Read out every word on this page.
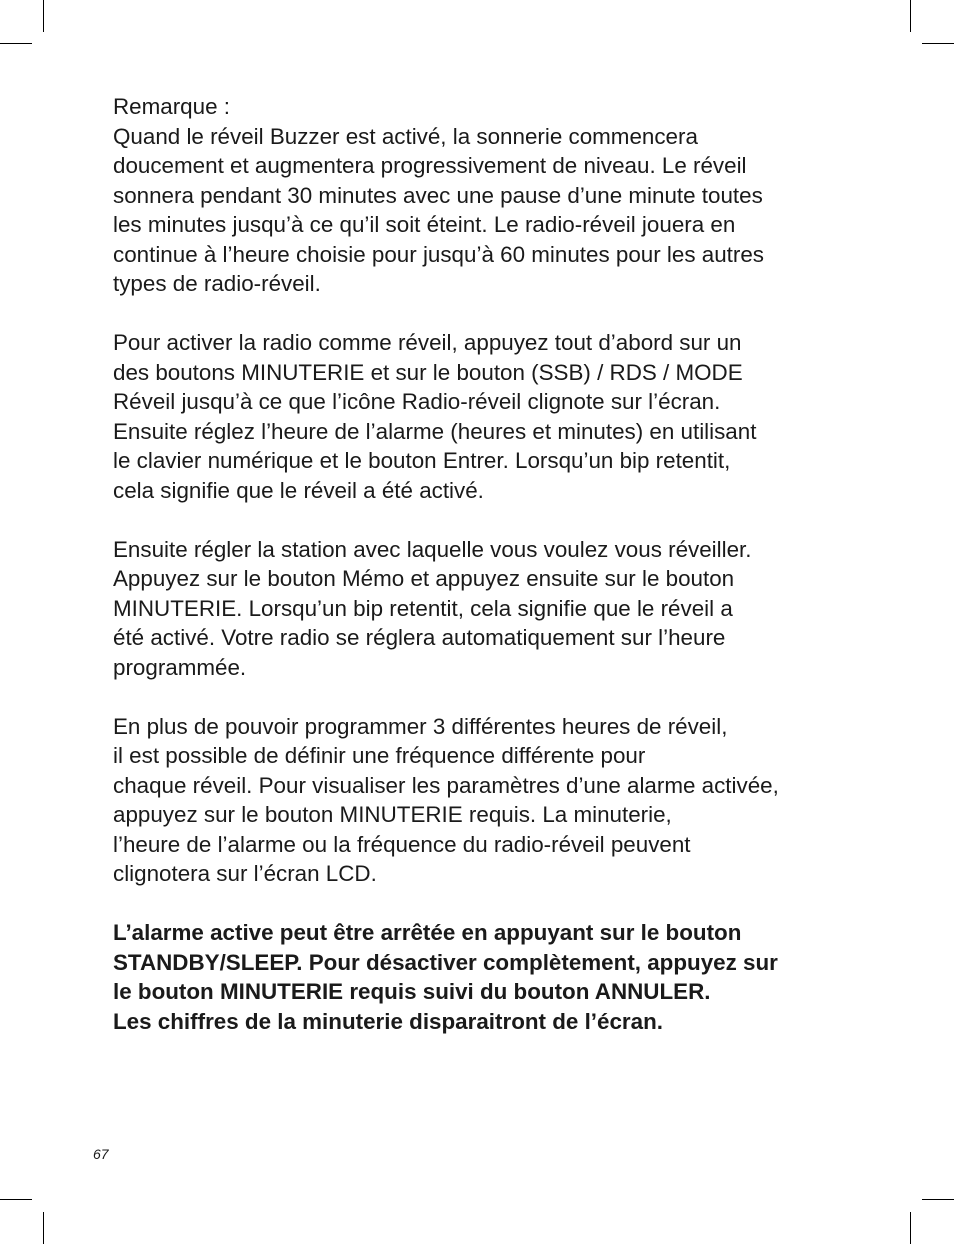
Remarque :
Quand le réveil Buzzer est activé, la sonnerie commencera
doucement et augmentera progressivement de niveau. Le réveil
sonnera pendant 30 minutes avec une pause d’une minute toutes
les minutes jusqu’à ce qu’il soit éteint. Le radio-réveil jouera en
continue à l’heure choisie pour jusqu’à 60 minutes pour les autres
types de radio-réveil.

Pour activer la radio comme réveil, appuyez tout d’abord sur un
des boutons MINUTERIE et sur le bouton (SSB) / RDS / MODE
Réveil jusqu’à ce que l’icône Radio-réveil clignote sur l’écran.
Ensuite réglez l’heure de l’alarme (heures et minutes) en utilisant
le clavier numérique et le bouton Entrer. Lorsqu’un bip retentit,
cela signifie que le réveil a été activé.

Ensuite régler la station avec laquelle vous voulez vous réveiller.
Appuyez sur le bouton Mémo et appuyez ensuite sur le bouton
MINUTERIE. Lorsqu’un bip retentit, cela signifie que le réveil a
été activé. Votre radio se réglera automatiquement sur l’heure
programmée.

En plus de pouvoir programmer 3 différentes heures de réveil,
il est possible de définir une fréquence différente pour
chaque réveil. Pour visualiser les paramètres d’une alarme activée,
appuyez sur le bouton MINUTERIE requis. La minuterie,
l’heure de l’alarme ou la fréquence du radio-réveil peuvent
clignotera sur l’écran LCD.

L’alarme active peut être arrêtée en appuyant sur le bouton
STANDBY/SLEEP. Pour désactiver complètement, appuyez sur
le bouton MINUTERIE requis suivi du bouton ANNULER.
Les chiffres de la minuterie disparaitront de l’écran.

67
